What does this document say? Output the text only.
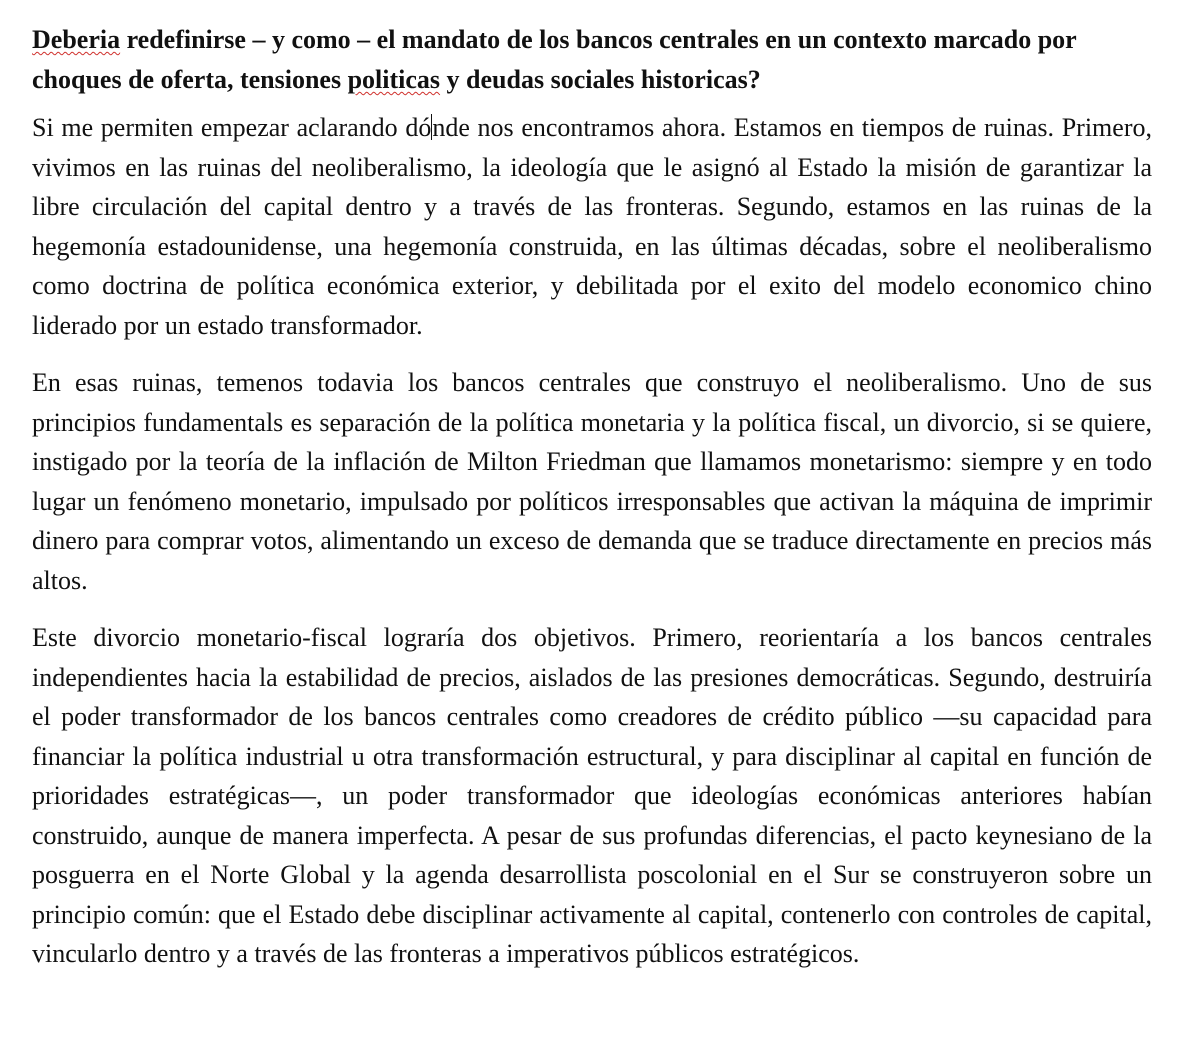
Deberia redefinirse – y como – el mandato de los bancos centrales en un contexto marcado por choques de oferta, tensiones politicas y deudas sociales historicas?

Si me permiten empezar aclarando dónde nos encontramos ahora. Estamos en tiempos de ruinas. Primero, vivimos en las ruinas del neoliberalismo, la ideología que le asignó al Estado la misión de garantizar la libre circulación del capital dentro y a través de las fronteras. Segundo, estamos en las ruinas de la hegemonía estadounidense, una hegemonía construida, en las últimas décadas, sobre el neoliberalismo como doctrina de política económica exterior, y debilitada por el exito del modelo economico chino liderado por un estado transformador.

En esas ruinas, temenos todavia los bancos centrales que construyo el neoliberalismo. Uno de sus principios fundamentals es separación de la política monetaria y la política fiscal, un divorcio, si se quiere, instigado por la teoría de la inflación de Milton Friedman que llamamos monetarismo: siempre y en todo lugar un fenómeno monetario, impulsado por políticos irresponsables que activan la máquina de imprimir dinero para comprar votos, alimentando un exceso de demanda que se traduce directamente en precios más altos.

Este divorcio monetario-fiscal lograría dos objetivos. Primero, reorientaría a los bancos centrales independientes hacia la estabilidad de precios, aislados de las presiones democráticas. Segundo, destruiría el poder transformador de los bancos centrales como creadores de crédito público —su capacidad para financiar la política industrial u otra transformación estructural, y para disciplinar al capital en función de prioridades estratégicas—, un poder transformador que ideologías económicas anteriores habían construido, aunque de manera imperfecta. A pesar de sus profundas diferencias, el pacto keynesiano de la posguerra en el Norte Global y la agenda desarrollista poscolonial en el Sur se construyeron sobre un principio común: que el Estado debe disciplinar activamente al capital, contenerlo con controles de capital, vincularlo dentro y a través de las fronteras a imperativos públicos estratégicos.
